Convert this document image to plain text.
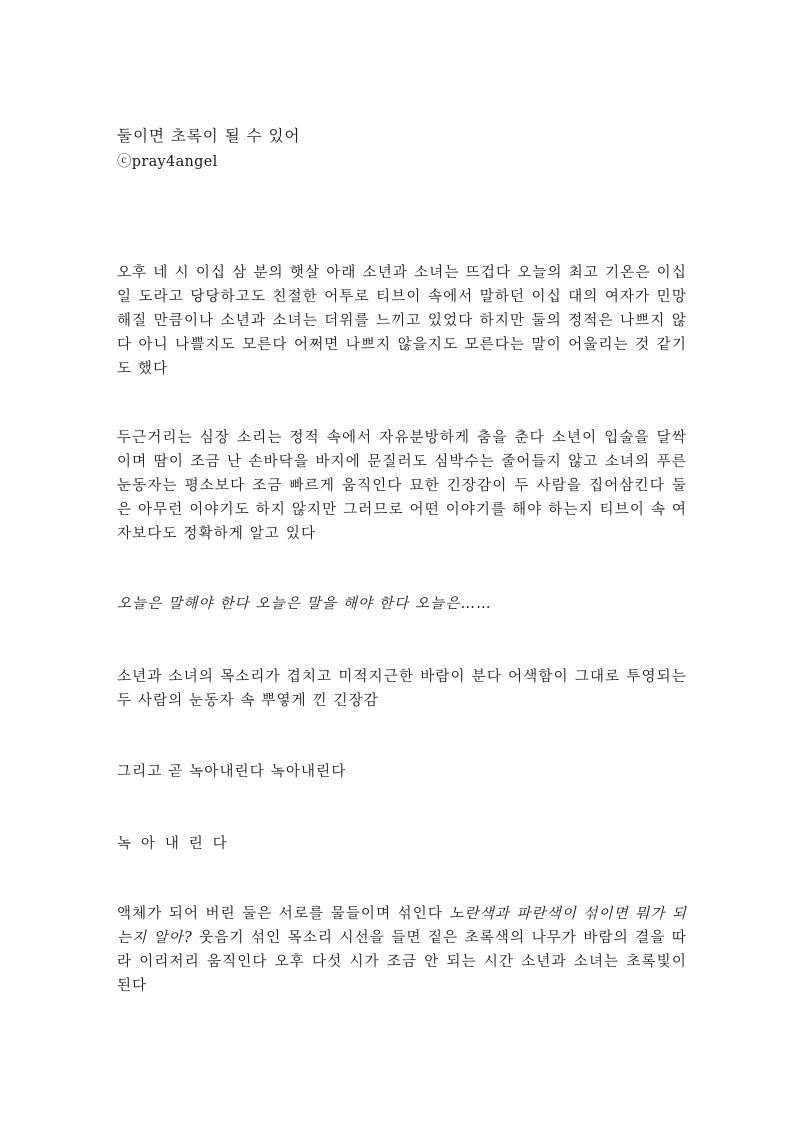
둘이면 초록이 될 수 있어
ⓒpray4angel

오후 네 시 이십 삼 분의 햇살 아래 소년과 소녀는 뜨겁다 오늘의 최고 기온은 이십 일 도라고 당당하고도 친절한 어투로 티브이 속에서 말하던 이십 대의 여자가 민망해질 만큼이나 소년과 소녀는 더위를 느끼고 있었다 하지만 둘의 정적은 나쁘지 않다 아니 나쁠지도 모른다 어쩌면 나쁘지 않을지도 모른다는 말이 어울리는 것 같기도 했다

두근거리는 심장 소리는 정적 속에서 자유분방하게 춤을 춘다 소년이 입술을 달싹이며 땀이 조금 난 손바닥을 바지에 문질러도 심박수는 줄어들지 않고 소녀의 푸른 눈동자는 평소보다 조금 빠르게 움직인다 묘한 긴장감이 두 사람을 집어삼킨다 둘은 아무런 이야기도 하지 않지만 그러므로 어떤 이야기를 해야 하는지 티브이 속 여자보다도 정확하게 알고 있다

오늘은 말해야 한다 오늘은 말을 해야 한다 오늘은……

소년과 소녀의 목소리가 겹치고 미적지근한 바람이 분다 어색함이 그대로 투영되는 두 사람의 눈동자 속 뿌옇게 낀 긴장감

그리고 곧 녹아내린다 녹아내린다

녹 아 내 린 다

액체가 되어 버린 둘은 서로를 물들이며 섞인다 노란색과 파란색이 섞이면 뭐가 되는지 알아? 웃음기 섞인 목소리 시선을 들면 짙은 초록색의 나무가 바람의 결을 따라 이리저리 움직인다 오후 다섯 시가 조금 안 되는 시간 소년과 소녀는 초록빛이 된다
